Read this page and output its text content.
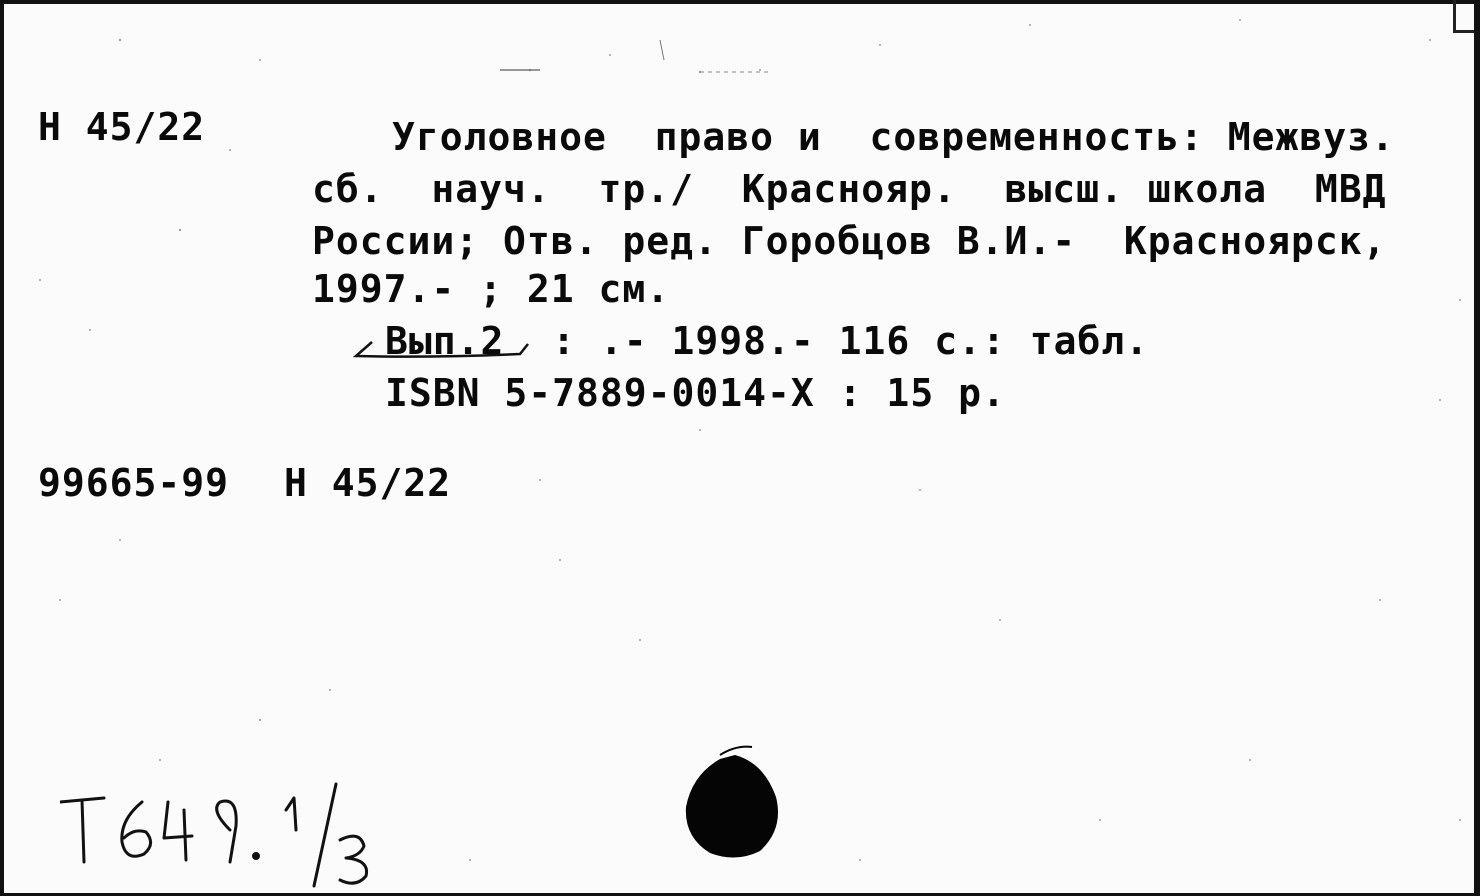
Н 45/22	Уголовное  право и  современность: Межвуз.
сб.  науч.  тр./  Краснояр.  высш. школа  МВД
России; Отв. ред. Горобцов В.И.-  Красноярск,
1997.- ; 21 см.
Вып.2  : .- 1998.- 116 с.: табл.
ISBN 5-7889-0014-X : 15 р.
99665-99 Н 45/22
